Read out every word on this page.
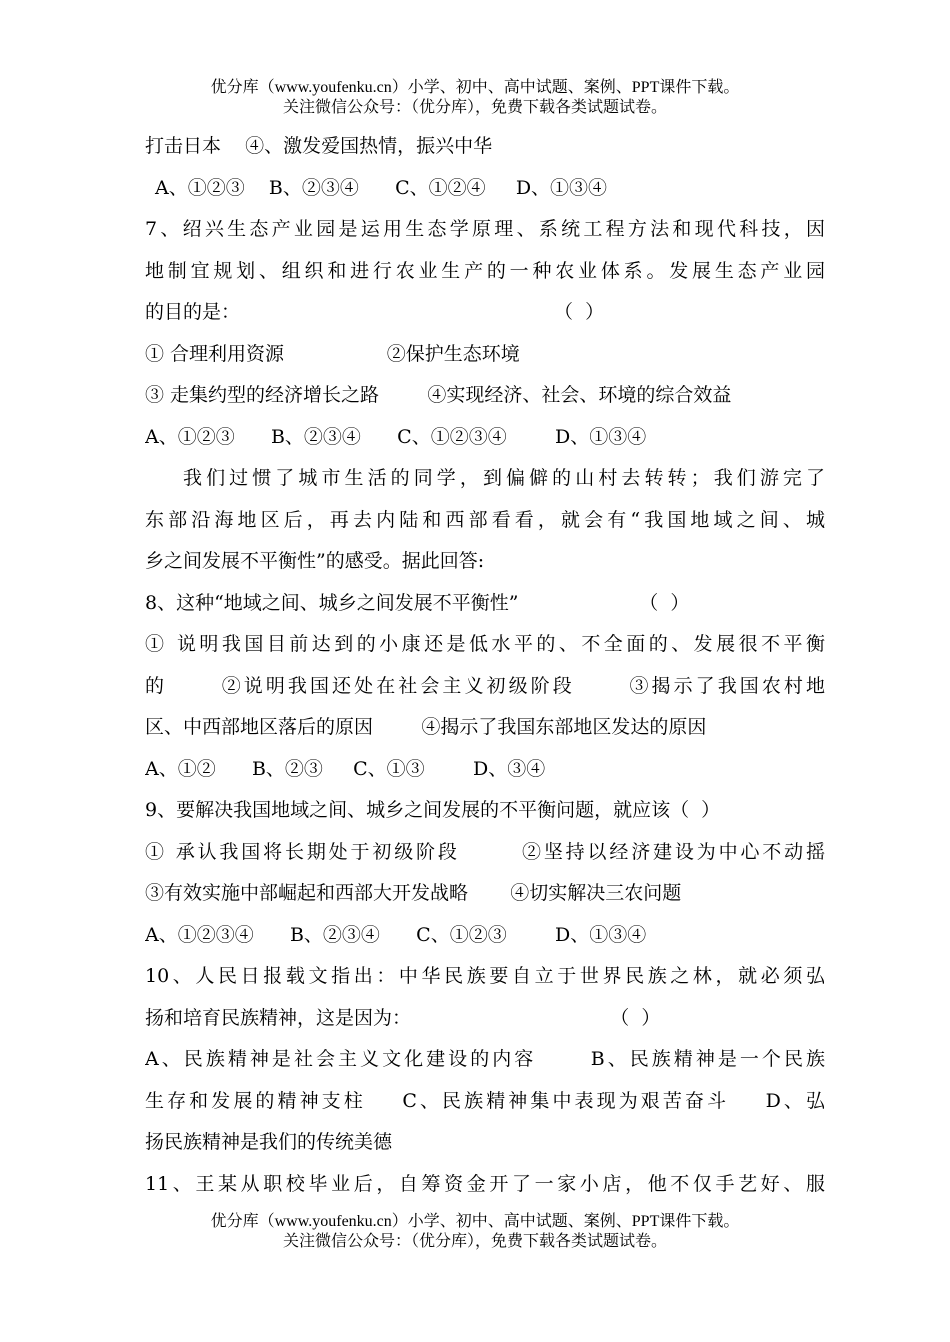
优分库（www.youfenku.cn）小学、初中、高中试题、案例、PPT课件下载。
关注微信公众号：（优分库），免费下载各类试题试卷。
打击日本    ④、激发爱国热情，振兴中华
A、①②③    B、②③④      C、①②④     D、①③④
7、绍兴生态产业园是运用生态学原理、系统工程方法和现代科技，因
地制宜规划、组织和进行农业生产的一种农业体系。发展生态产业园
的目的是：                                                    （  ）
① 合理利用资源                 ②保护生态环境
③ 走集约型的经济增长之路        ④实现经济、社会、环境的综合效益
A、①②③      B、②③④      C、①②③④        D、①③④
我们过惯了城市生活的同学，到偏僻的山村去转转；我们游完了
东部沿海地区后，再去内陆和西部看看，就会有“我国地域之间、城
乡之间发展不平衡性”的感受。据此回答:
8、这种“地域之间、城乡之间发展不平衡性”                    （  ）
① 说明我国目前达到的小康还是低水平的、不全面的、发展很不平衡
的      ②说明我国还处在社会主义初级阶段      ③揭示了我国农村地
区、中西部地区落后的原因        ④揭示了我国东部地区发达的原因
A、①②      B、②③     C、①③        D、③④
9、要解决我国地域之间、城乡之间发展的不平衡问题，就应该（  ）
① 承认我国将长期处于初级阶段       ②坚持以经济建设为中心不动摇
③有效实施中部崛起和西部大开发战略       ④切实解决三农问题
A、①②③④      B、②③④      C、①②③        D、①③④
10、人民日报载文指出：中华民族要自立于世界民族之林，就必须弘
扬和培育民族精神，这是因为：                                 （  ）
A、民族精神是社会主义文化建设的内容      B、民族精神是一个民族
生存和发展的精神支柱    C、民族精神集中表现为艰苦奋斗    D、弘
扬民族精神是我们的传统美德
11、王某从职校毕业后，自筹资金开了一家小店，他不仅手艺好、服
优分库（www.youfenku.cn）小学、初中、高中试题、案例、PPT课件下载。
关注微信公众号：（优分库），免费下载各类试题试卷。
